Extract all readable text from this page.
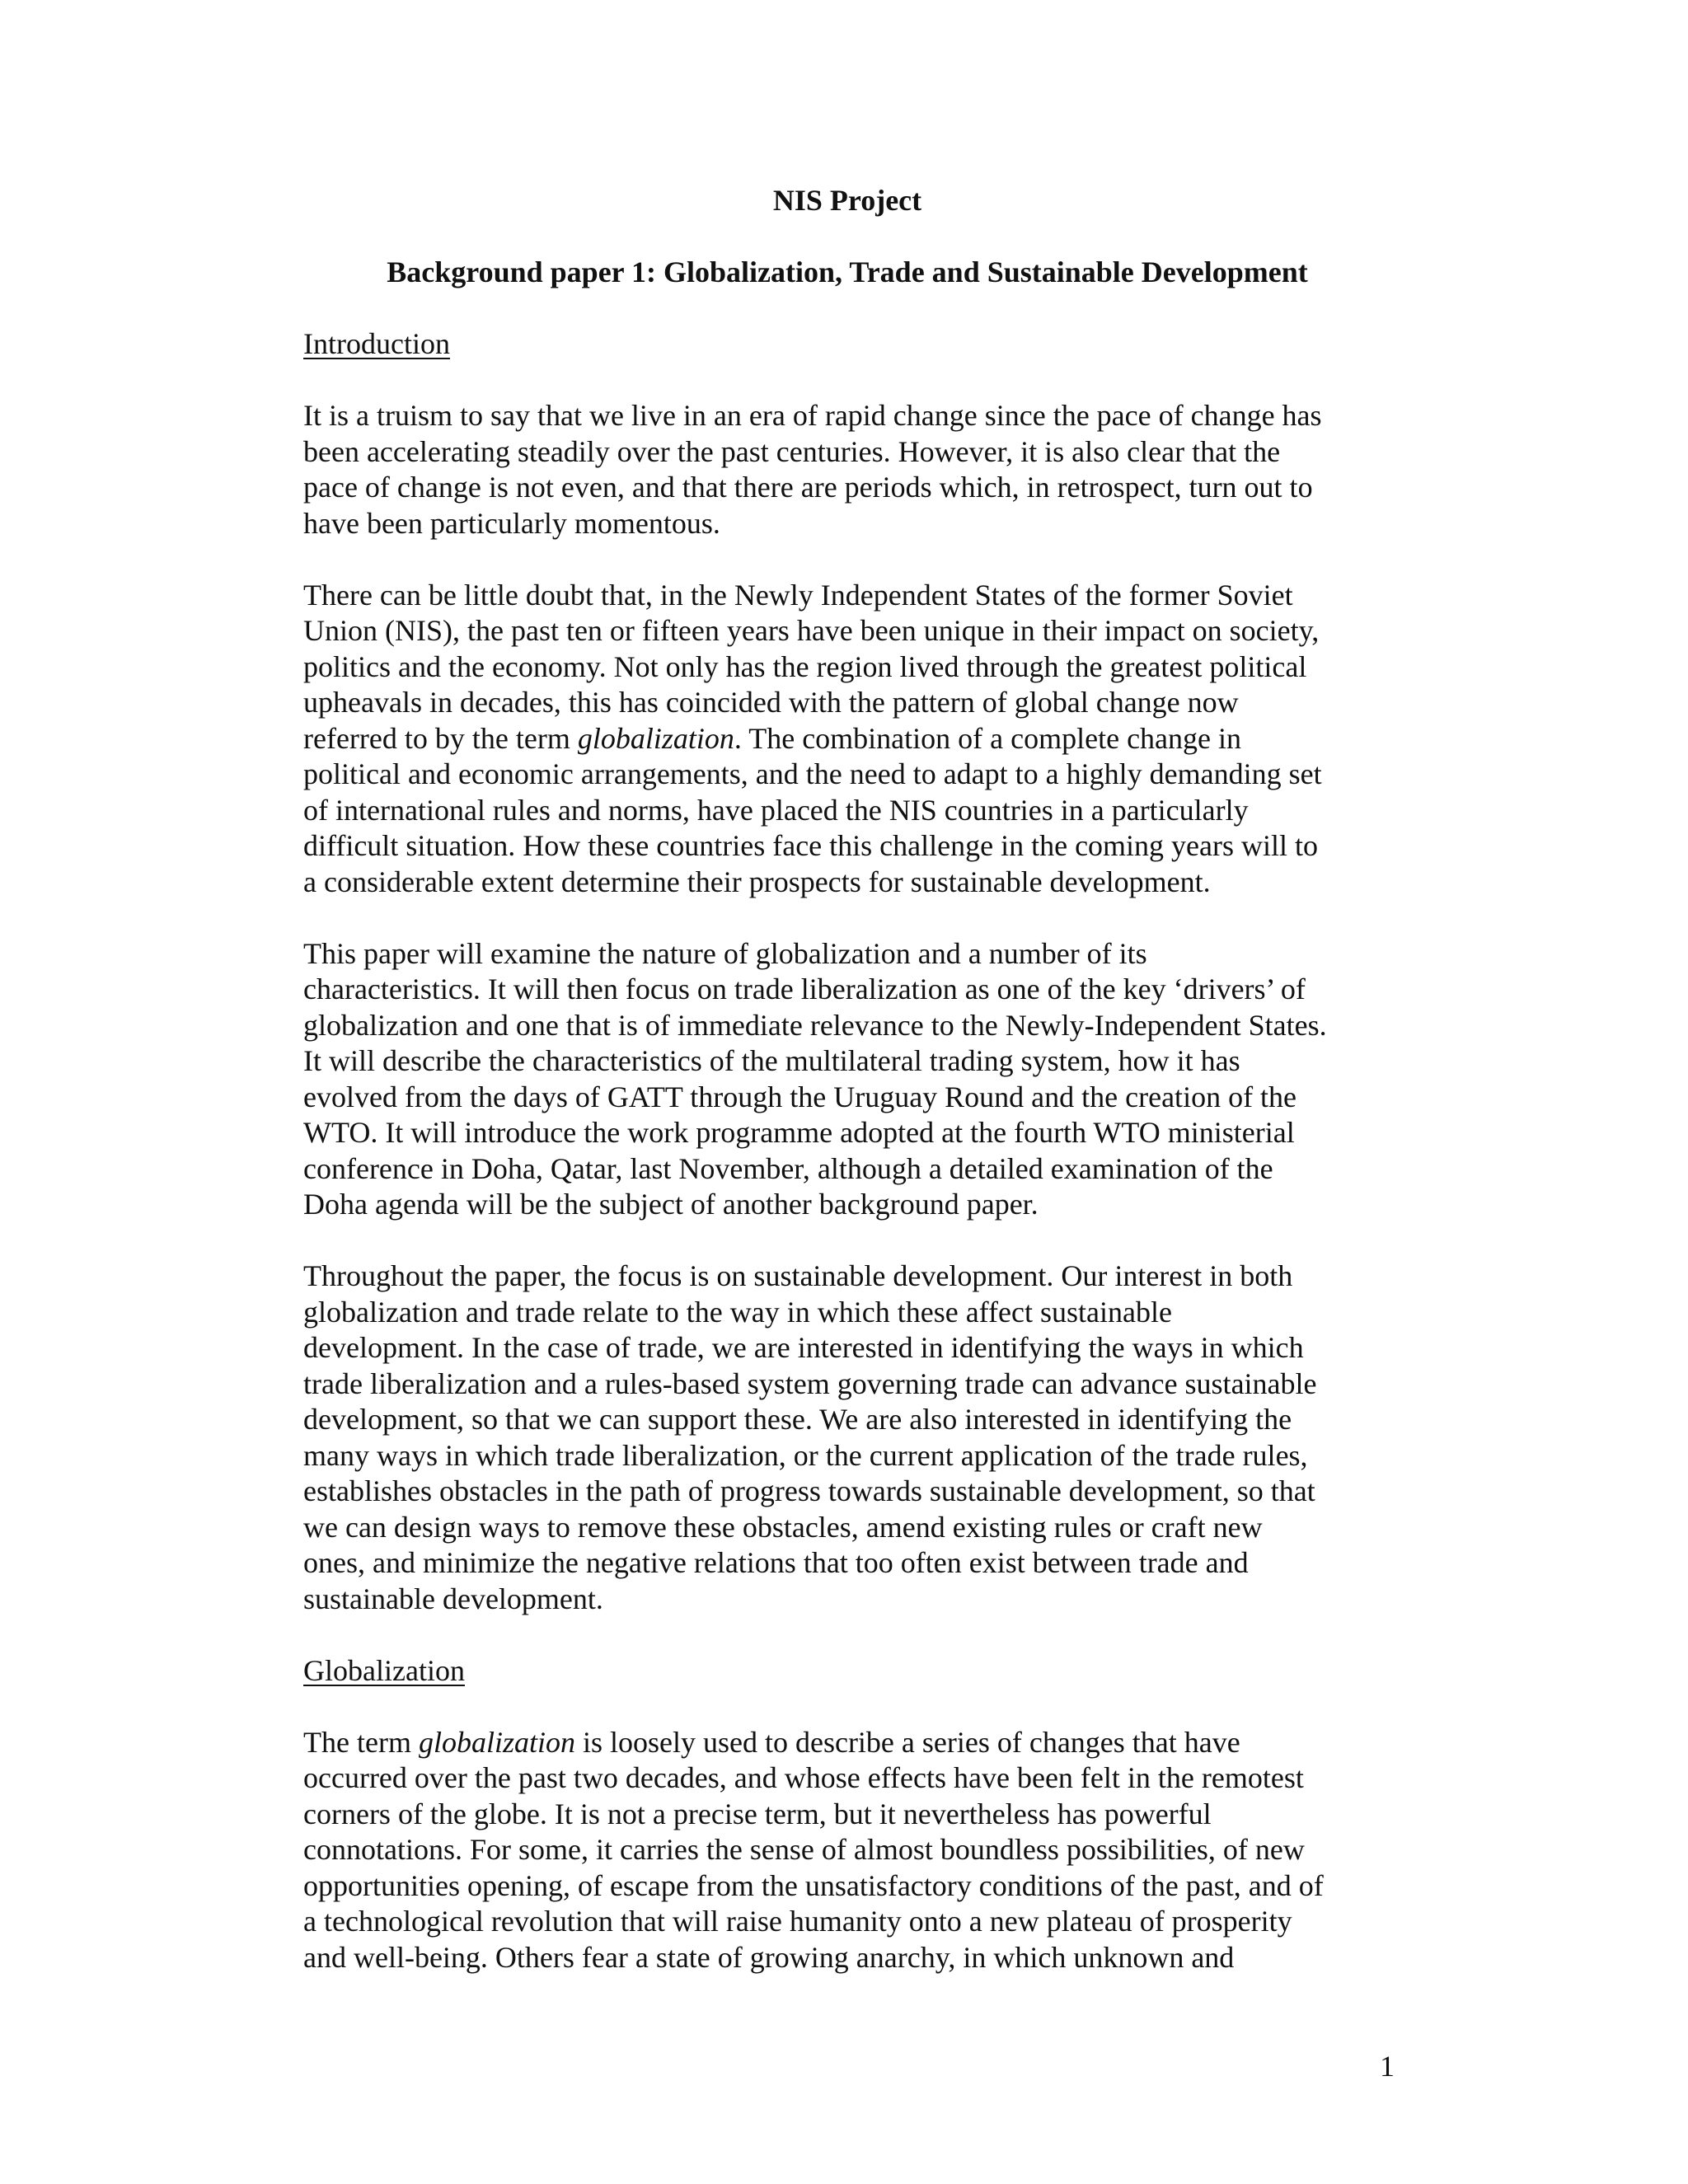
NIS Project
Background paper 1: Globalization, Trade and Sustainable Development
Introduction
It is a truism to say that we live in an era of rapid change since the pace of change has
been accelerating steadily over the past centuries. However, it is also clear that the
pace of change is not even, and that there are periods which, in retrospect, turn out to
have been particularly momentous.
There can be little doubt that, in the Newly Independent States of the former Soviet
Union (NIS), the past ten or fifteen years have been unique in their impact on society,
politics and the economy. Not only has the region lived through the greatest political
upheavals in decades, this has coincided with the pattern of global change now
referred to by the term globalization. The combination of a complete change in
political and economic arrangements, and the need to adapt to a highly demanding set
of international rules and norms, have placed the NIS countries in a particularly
difficult situation. How these countries face this challenge in the coming years will to
a considerable extent determine their prospects for sustainable development.
This paper will examine the nature of globalization and a number of its
characteristics. It will then focus on trade liberalization as one of the key ‘drivers’ of
globalization and one that is of immediate relevance to the Newly-Independent States.
It will describe the characteristics of the multilateral trading system, how it has
evolved from the days of GATT through the Uruguay Round and the creation of the
WTO. It will introduce the work programme adopted at the fourth WTO ministerial
conference in Doha, Qatar, last November, although a detailed examination of the
Doha agenda will be the subject of another background paper.
Throughout the paper, the focus is on sustainable development. Our interest in both
globalization and trade relate to the way in which these affect sustainable
development. In the case of trade, we are interested in identifying the ways in which
trade liberalization and a rules-based system governing trade can advance sustainable
development, so that we can support these. We are also interested in identifying the
many ways in which trade liberalization, or the current application of the trade rules,
establishes obstacles in the path of progress towards sustainable development, so that
we can design ways to remove these obstacles, amend existing rules or craft new
ones, and minimize the negative relations that too often exist between trade and
sustainable development.
Globalization
The term globalization is loosely used to describe a series of changes that have
occurred over the past two decades, and whose effects have been felt in the remotest
corners of the globe. It is not a precise term, but it nevertheless has powerful
connotations. For some, it carries the sense of almost boundless possibilities, of new
opportunities opening, of escape from the unsatisfactory conditions of the past, and of
a technological revolution that will raise humanity onto a new plateau of prosperity
and well-being. Others fear a state of growing anarchy, in which unknown and
1
